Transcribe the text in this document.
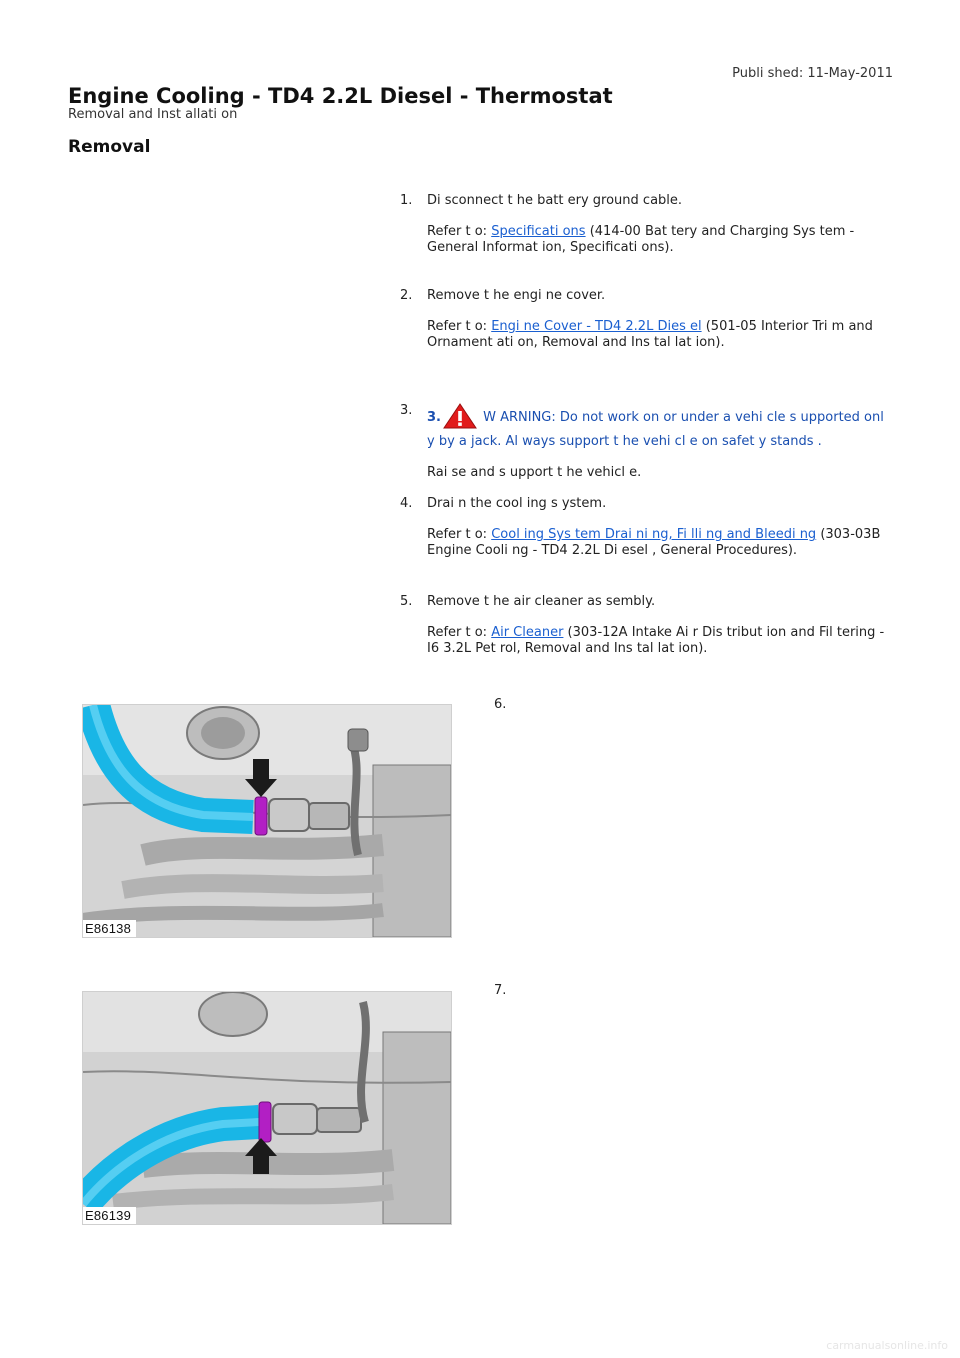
Publi shed: 11-May-2011
Engine Cooling - TD4 2.2L Diesel - Thermostat
Removal and Inst allati on
Removal
1.	Di sconnect t he batt ery ground cable.

Refer t o: Specificati ons (414-00 Bat tery and Charging Sys tem - General Informat ion, Specificati ons).

2.	Remove t he engi ne cover.

Refer t o: Engi ne Cover - TD4 2.2L Dies el (501-05 Interior Tri m and Ornament ati on, Removal and Ins tal lat ion).

3.	3.	W ARNING: Do not work on or under a vehi cle s upported onl y by a jack. Al ways support t he vehi cl e on safet y stands .

Rai se and s upport t he vehicl e.

4.	Drai n the cool ing s ystem.

Refer t o: Cool ing Sys tem Drai ni ng, Fi lli ng and Bleedi ng (303-03B Engine Cooli ng - TD4 2.2L Di esel , General Procedures).

5.	Remove t he air cleaner as sembly.

Refer t o: Air Cleaner (303-12A Intake Ai r Dis tribut ion and Fil tering - I6 3.2L Pet rol, Removal and Ins tal lat ion).

E86138
6.
E86139
7.
carmanualsonline.info
